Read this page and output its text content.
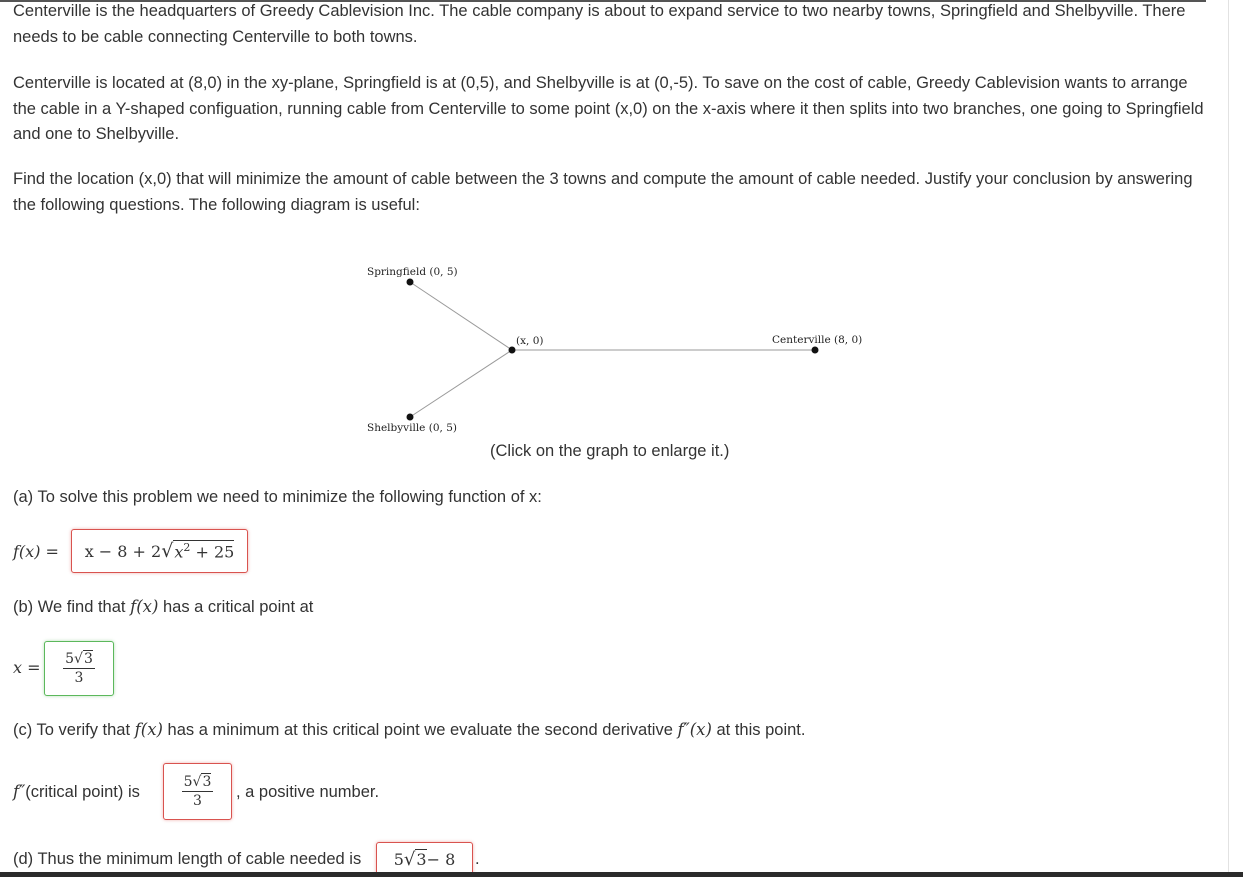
Centerville is the headquarters of Greedy Cablevision Inc. The cable company is about to expand service to two nearby towns, Springfield and Shelbyville. There needs to be cable connecting Centerville to both towns.

Centerville is located at (8,0) in the xy-plane, Springfield is at (0,5), and Shelbyville is at (0,-5). To save on the cost of cable, Greedy Cablevision wants to arrange the cable in a Y-shaped configuation, running cable from Centerville to some point (x,0) on the x-axis where it then splits into two branches, one going to Springfield and one to Shelbyville.

Find the location (x,0) that will minimize the amount of cable between the 3 towns and compute the amount of cable needed. Justify your conclusion by answering the following questions. The following diagram is useful:

Springfield (0, 5)
Shelbyville (0, 5)
(x, 0)	Centerville (8, 0)
(Click on the graph to enlarge it.)
(a) To solve this problem we need to minimize the following function of x:
f(x) = x − 8 + 2 √ $x^2 + 25$
(b) We find that f(x) has a critical point at
$x = \frac{5√3}{3}$
(c) To verify that f(x) has a minimum at this critical point we evaluate the second derivative f″(x) at this point.
f″(critical point) is	$\frac{5√3}{3}$ , a positive number.
(d) Thus the minimum length of cable needed is 5 √ 3 − 8 .
